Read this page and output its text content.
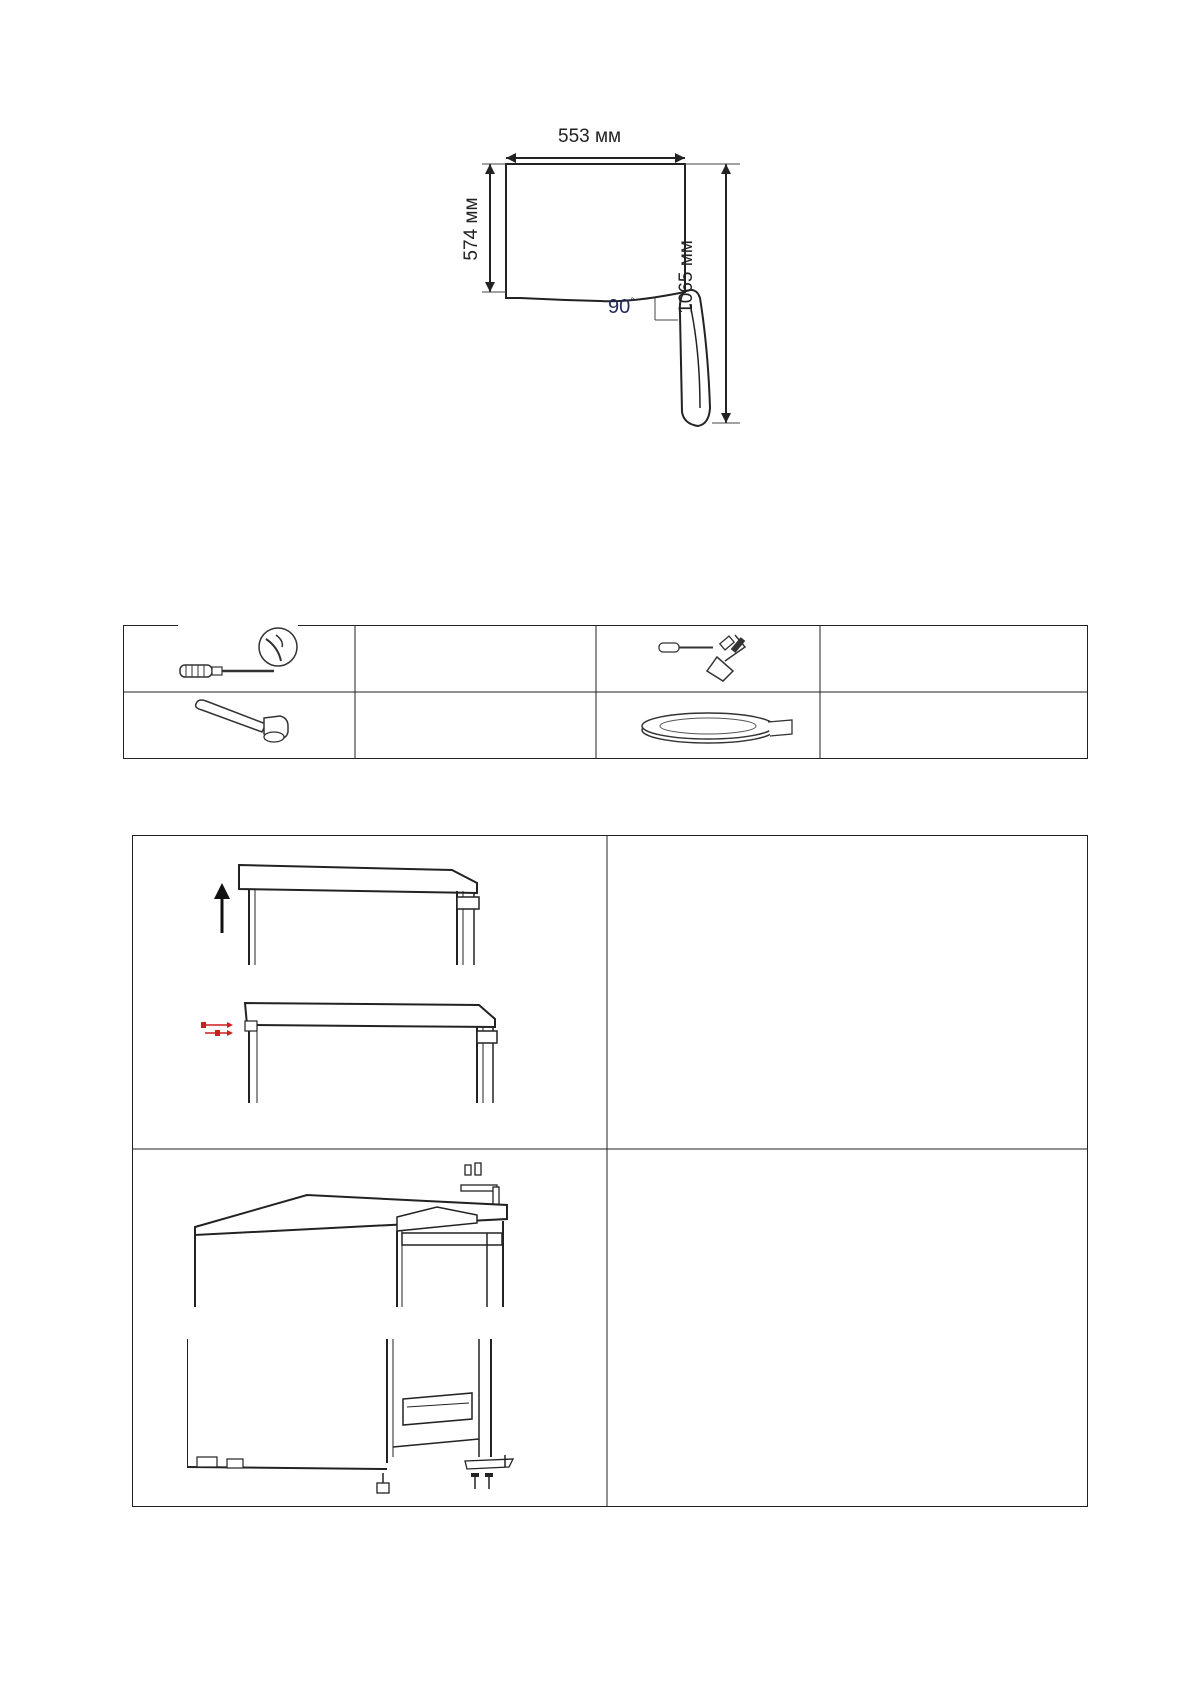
553 мм
574 мм
1065 мм
90°
